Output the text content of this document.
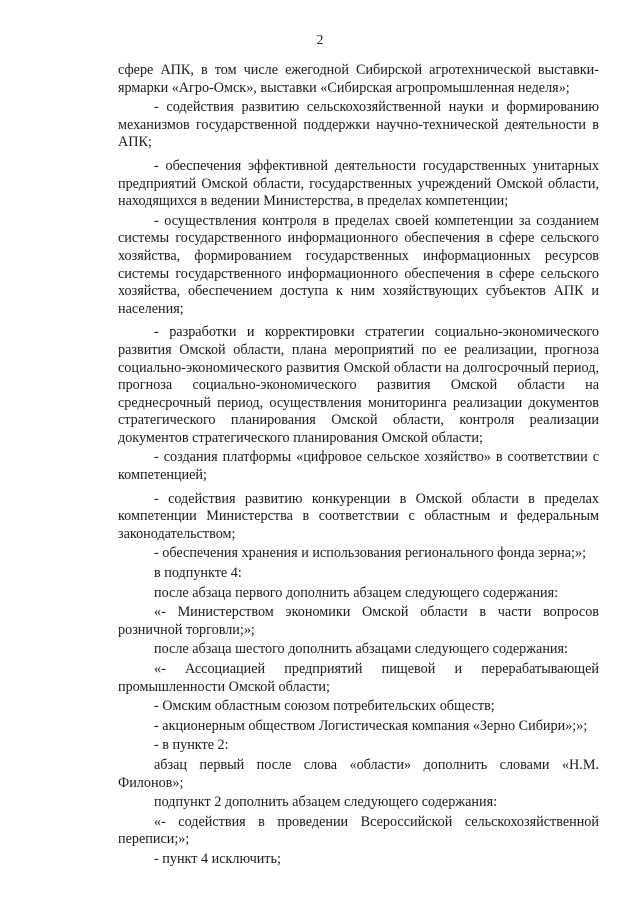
2

сфере АПК, в том числе ежегодной Сибирской агротехнической выставки-ярмарки «Агро-Омск», выставки «Сибирская агропромышленная неделя»;

- содействия развитию сельскохозяйственной науки и формированию механизмов государственной поддержки научно-технической деятельности в АПК;

- обеспечения эффективной деятельности государственных унитарных предприятий Омской области, государственных учреждений Омской области, находящихся в ведении Министерства, в пределах компетенции;

- осуществления контроля в пределах своей компетенции за созданием системы государственного информационного обеспечения в сфере сельского хозяйства, формированием государственных информационных ресурсов системы государственного информационного обеспечения в сфере сельского хозяйства, обеспечением доступа к ним хозяйствующих субъектов АПК и населения;

- разработки и корректировки стратегии социально-экономического развития Омской области, плана мероприятий по ее реализации, прогноза социально-экономического развития Омской области на долгосрочный период, прогноза социально-экономического развития Омской области на среднесрочный период, осуществления мониторинга реализации документов стратегического планирования Омской области, контроля реализации документов стратегического планирования Омской области;

- создания платформы «цифровое сельское хозяйство» в соответствии с компетенцией;

- содействия развитию конкуренции в Омской области в пределах компетенции Министерства в соответствии с областным и федеральным законодательством;

- обеспечения хранения и использования регионального фонда зерна;»;

в подпункте 4:

после абзаца первого дополнить абзацем следующего содержания:

«- Министерством экономики Омской области в части вопросов розничной торговли;»;

после абзаца шестого дополнить абзацами следующего содержания:

«- Ассоциацией предприятий пищевой и перерабатывающей промышленности Омской области;

- Омским областным союзом потребительских обществ;

- акционерным обществом Логистическая компания «Зерно Сибири»;»;

- в пункте 2:

абзац первый после слова «области» дополнить словами «Н.М. Филонов»;

подпункт 2 дополнить абзацем следующего содержания:

«- содействия в проведении Всероссийской сельскохозяйственной переписи;»;

- пункт 4 исключить;
